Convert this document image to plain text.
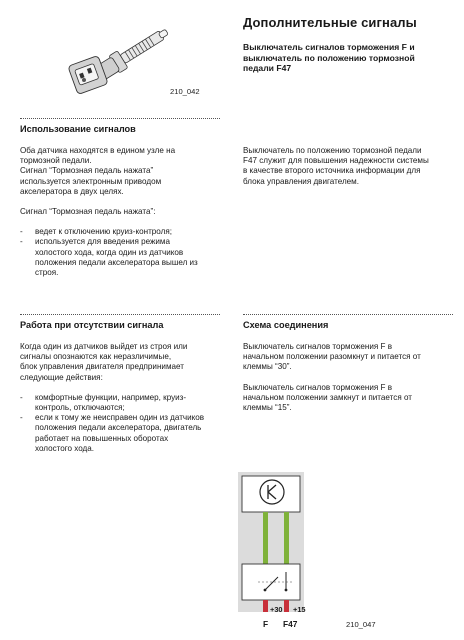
210_042
Дополнительные сигналы
Выключатель сигналов торможения F и
выключатель по положению тормозной
педали F47
Использование сигналов
Оба датчика находятся в едином узле на
тормозной педали.
Сигнал “Тормозная педаль нажата”
используется электронным приводом
акселератора в двух целях.
Сигнал “Тормозная педаль нажата”:
- ведет к отключению круиз-контроля;
- используется для введения режима
холостого хода, когда один из датчиков
положения педали акселератора вышел из
строя.
Выключатель по положению тормозной педали
F47 служит для повышения надежности системы
в качестве второго источника информации для
блока управления двигателем.
Работа при отсутствии сигнала
Когда один из датчиков выйдет из строя или
сигналы опознаются как неразличимые,
блок управления двигателя предпринимает
следующие действия:
- комфортные функции, например, круиз-
контроль, отключаются;
- если к тому же неисправен один из датчиков
положения педали акселератора, двигатель
работает на повышенных оборотах
холостого хода.
Схема соединения
Выключатель сигналов торможения F в
начальном положении разомкнут и питается от
клеммы “30”.
Выключатель сигналов торможения F в
начальном положении замкнут и питается от
клеммы “15”.
+30 +15
F F47	210_047
